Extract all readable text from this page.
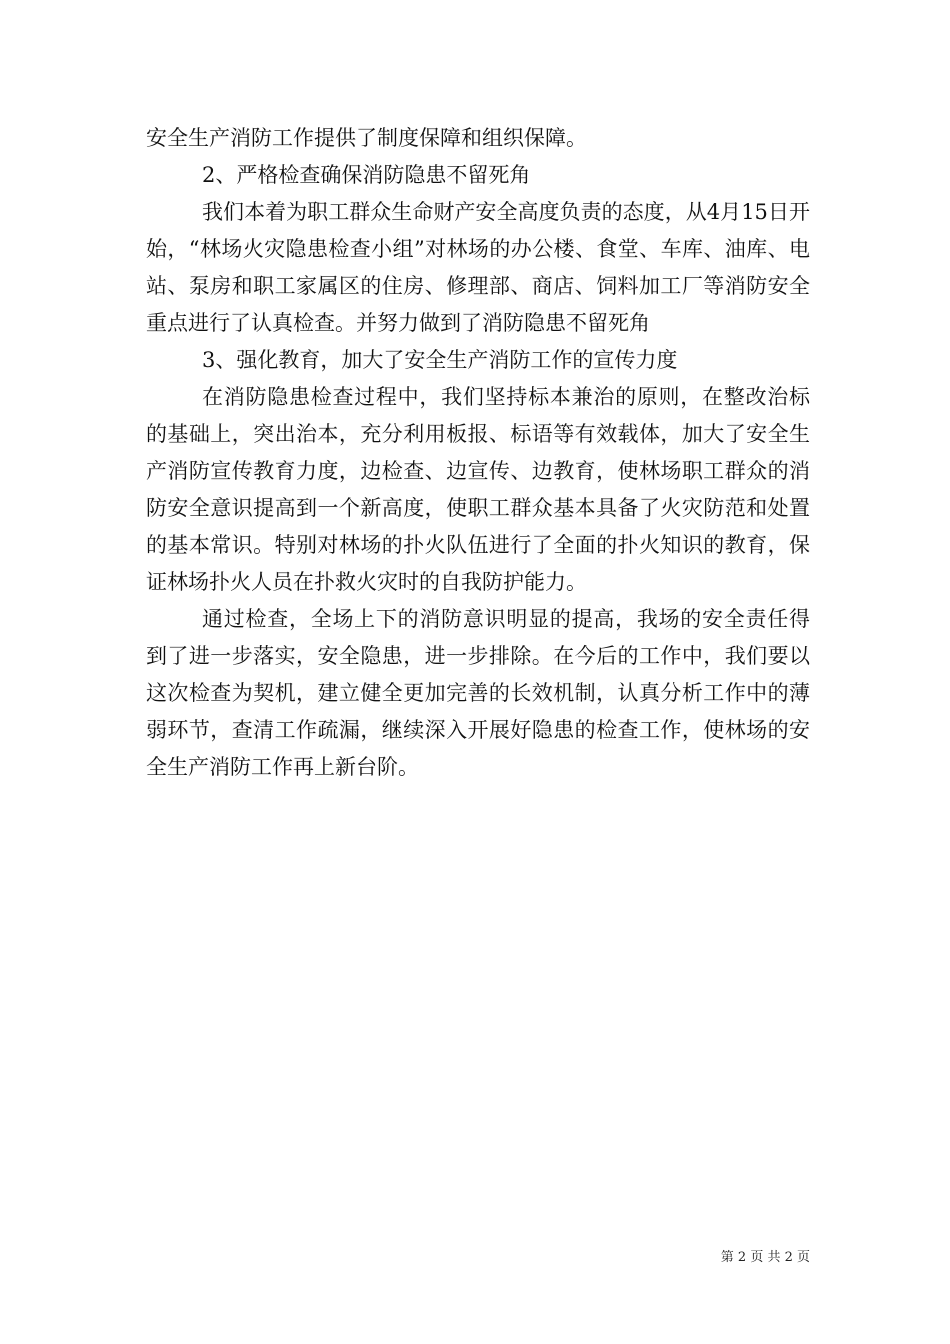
安全生产消防工作提供了制度保障和组织保障。

2、严格检查确保消防隐患不留死角

我们本着为职工群众生命财产安全高度负责的态度，从4月15日开始，“林场火灾隐患检查小组”对林场的办公楼、食堂、车库、油库、电站、泵房和职工家属区的住房、修理部、商店、饲料加工厂等消防安全重点进行了认真检查。并努力做到了消防隐患不留死角

3、强化教育，加大了安全生产消防工作的宣传力度

在消防隐患检查过程中，我们坚持标本兼治的原则，在整改治标的基础上，突出治本，充分利用板报、标语等有效载体，加大了安全生产消防宣传教育力度，边检查、边宣传、边教育，使林场职工群众的消防安全意识提高到一个新高度，使职工群众基本具备了火灾防范和处置的基本常识。特别对林场的扑火队伍进行了全面的扑火知识的教育，保证林场扑火人员在扑救火灾时的自我防护能力。

通过检查，全场上下的消防意识明显的提高，我场的安全责任得到了进一步落实，安全隐患，进一步排除。在今后的工作中，我们要以这次检查为契机，建立健全更加完善的长效机制，认真分析工作中的薄弱环节，查清工作疏漏，继续深入开展好隐患的检查工作，使林场的安全生产消防工作再上新台阶。

第 2 页 共 2 页
